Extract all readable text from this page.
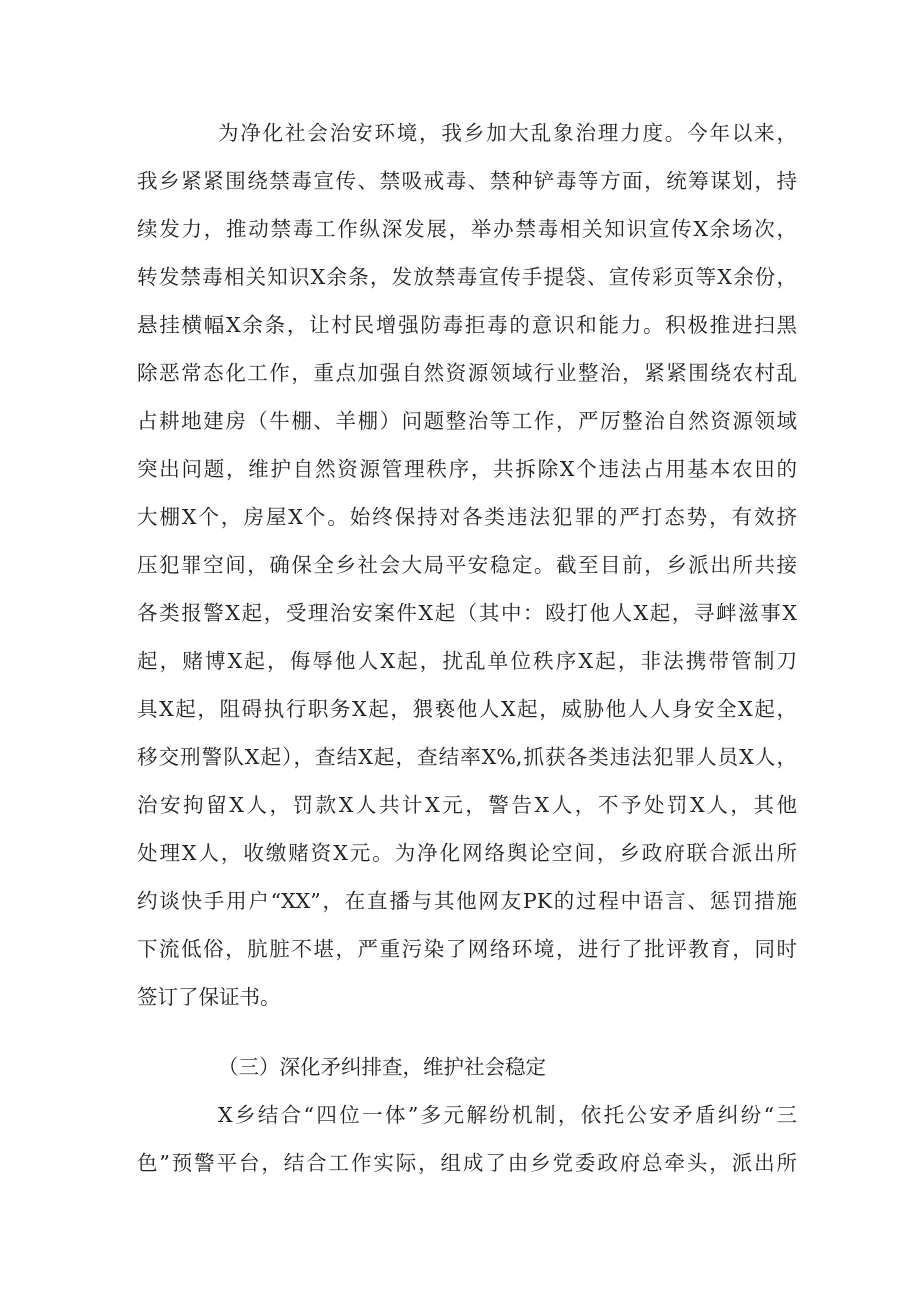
为净化社会治安环境，我乡加大乱象治理力度。今年以来，
我乡紧紧围绕禁毒宣传、禁吸戒毒、禁种铲毒等方面，统筹谋划，持
续发力，推动禁毒工作纵深发展，举办禁毒相关知识宣传X余场次，
转发禁毒相关知识X余条，发放禁毒宣传手提袋、宣传彩页等X余份，
悬挂横幅X余条，让村民增强防毒拒毒的意识和能力。积极推进扫黑
除恶常态化工作，重点加强自然资源领域行业整治，紧紧围绕农村乱
占耕地建房（牛棚、羊棚）问题整治等工作，严厉整治自然资源领域
突出问题，维护自然资源管理秩序，共拆除X个违法占用基本农田的
大棚X个，房屋X个。始终保持对各类违法犯罪的严打态势，有效挤
压犯罪空间，确保全乡社会大局平安稳定。截至目前，乡派出所共接
各类报警X起，受理治安案件X起（其中：殴打他人X起，寻衅滋事X
起，赌博X起，侮辱他人X起，扰乱单位秩序X起，非法携带管制刀
具X起，阻碍执行职务X起，猥亵他人X起，威胁他人人身安全X起，
移交刑警队X起），查结X起，查结率X%,抓获各类违法犯罪人员X人，
治安拘留X人，罚款X人共计X元，警告X人，不予处罚X人，其他
处理X人，收缴赌资X元。为净化网络舆论空间，乡政府联合派出所
约谈快手用户“XX”，在直播与其他网友PK的过程中语言、惩罚措施
下流低俗，肮脏不堪，严重污染了网络环境，进行了批评教育，同时
签订了保证书。
（三）深化矛纠排查，维护社会稳定
X乡结合“四位一体”多元解纷机制，依托公安矛盾纠纷“三
色”预警平台，结合工作实际，组成了由乡党委政府总牵头，派出所
